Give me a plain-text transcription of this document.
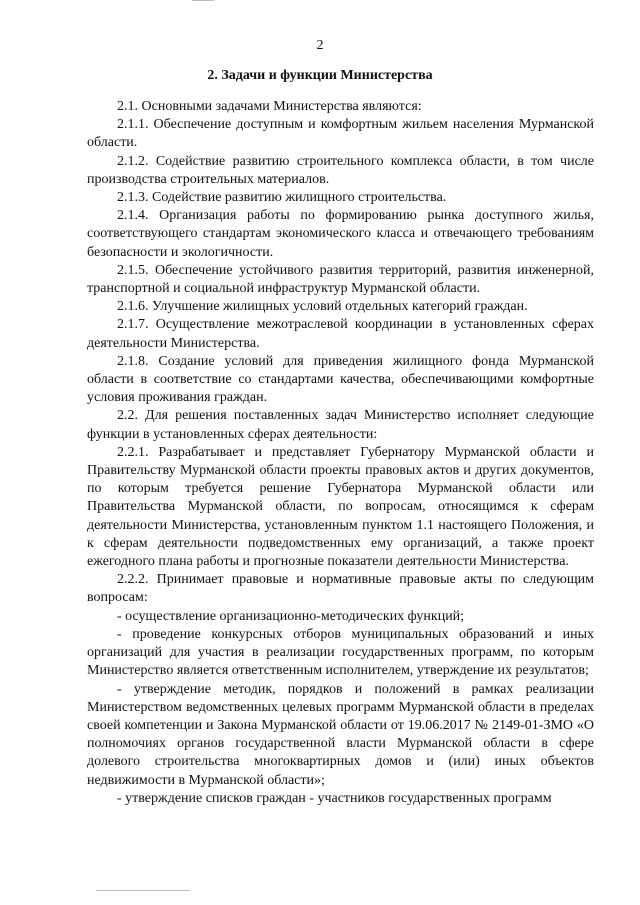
2
2. Задачи и функции Министерства

2.1. Основными задачами Министерства являются:

2.1.1. Обеспечение доступным и комфортным жильем населения Мурманской области.

2.1.2. Содействие развитию строительного комплекса области, в том числе производства строительных материалов.

2.1.3. Содействие развитию жилищного строительства.

2.1.4. Организация работы по формированию рынка доступного жилья, соответствующего стандартам экономического класса и отвечающего требованиям безопасности и экологичности.

2.1.5. Обеспечение устойчивого развития территорий, развития инженерной, транспортной и социальной инфраструктур Мурманской области.

2.1.6. Улучшение жилищных условий отдельных категорий граждан.

2.1.7. Осуществление межотраслевой координации в установленных сферах деятельности Министерства.

2.1.8. Создание условий для приведения жилищного фонда Мурманской области в соответствие со стандартами качества, обеспечивающими комфортные условия проживания граждан.

2.2. Для решения поставленных задач Министерство исполняет следующие функции в установленных сферах деятельности:

2.2.1. Разрабатывает и представляет Губернатору Мурманской области и Правительству Мурманской области проекты правовых актов и других документов, по которым требуется решение Губернатора Мурманской области или Правительства Мурманской области, по вопросам, относящимся к сферам деятельности Министерства, установленным пунктом 1.1 настоящего Положения, и к сферам деятельности подведомственных ему организаций, а также проект ежегодного плана работы и прогнозные показатели деятельности Министерства.

2.2.2. Принимает правовые и нормативные правовые акты по следующим вопросам:

- осуществление организационно-методических функций;

- проведение конкурсных отборов муниципальных образований и иных организаций для участия в реализации государственных программ, по которым Министерство является ответственным исполнителем, утверждение их результатов;

- утверждение методик, порядков и положений в рамках реализации Министерством ведомственных целевых программ Мурманской области в пределах своей компетенции и Закона Мурманской области от 19.06.2017 № 2149-01-ЗМО «О полномочиях органов государственной власти Мурманской области в сфере долевого строительства многоквартирных домов и (или) иных объектов недвижимости в Мурманской области»;

- утверждение списков граждан - участников государственных программ
